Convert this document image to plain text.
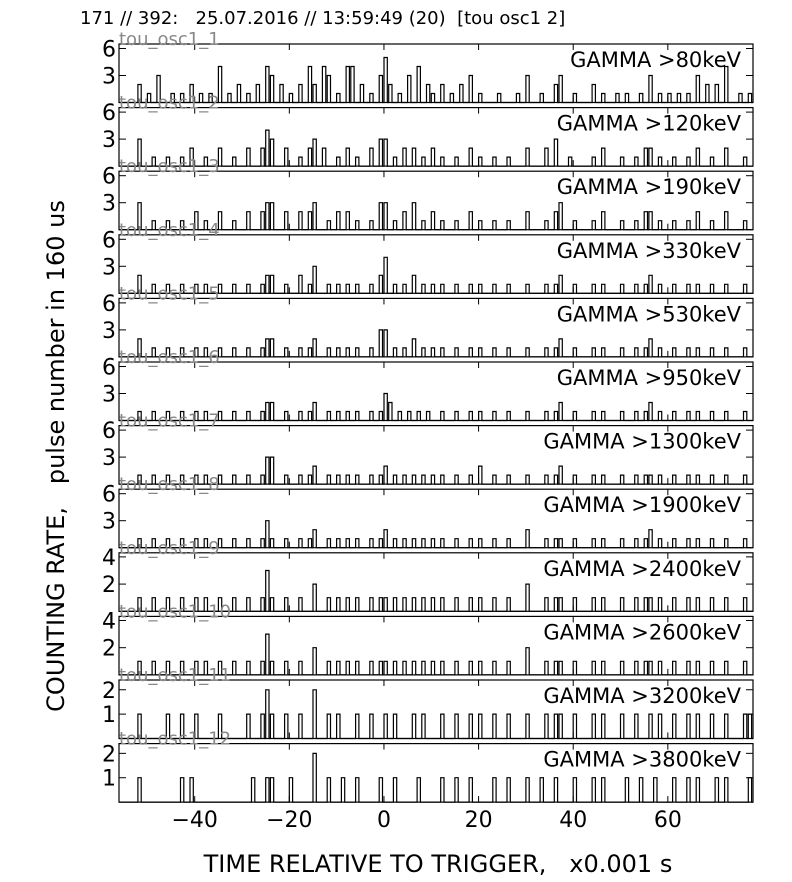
171 // 392:   25.07.2016 // 13:59:49 (20)  [tou osc1 2]
COUNTING RATE,   pulse number in 160 us
3
6	GAMMA >80keV
tou_osc1_1
3
6	GAMMA >120keV
tou_osc1_2
3
6	GAMMA >190keV
tou_osc1_3
3
6	GAMMA >330keV
tou_osc1_4
3
6	GAMMA >530keV
tou_osc1_5
3
6	GAMMA >950keV
tou_osc1_6
3
6	GAMMA >1300keV
tou_osc1_7
3
6	GAMMA >1900keV
tou_osc1_8
2
4	GAMMA >2400keV
tou_osc1_9
2
4	GAMMA >2600keV
tou_osc1_10
1
2	GAMMA >3200keV
tou_osc1_11
1
2	GAMMA >3800keV
tou_osc1_12
−40 −20	0	20	40	60
TIME RELATIVE TO TRIGGER,   x0.001 s
